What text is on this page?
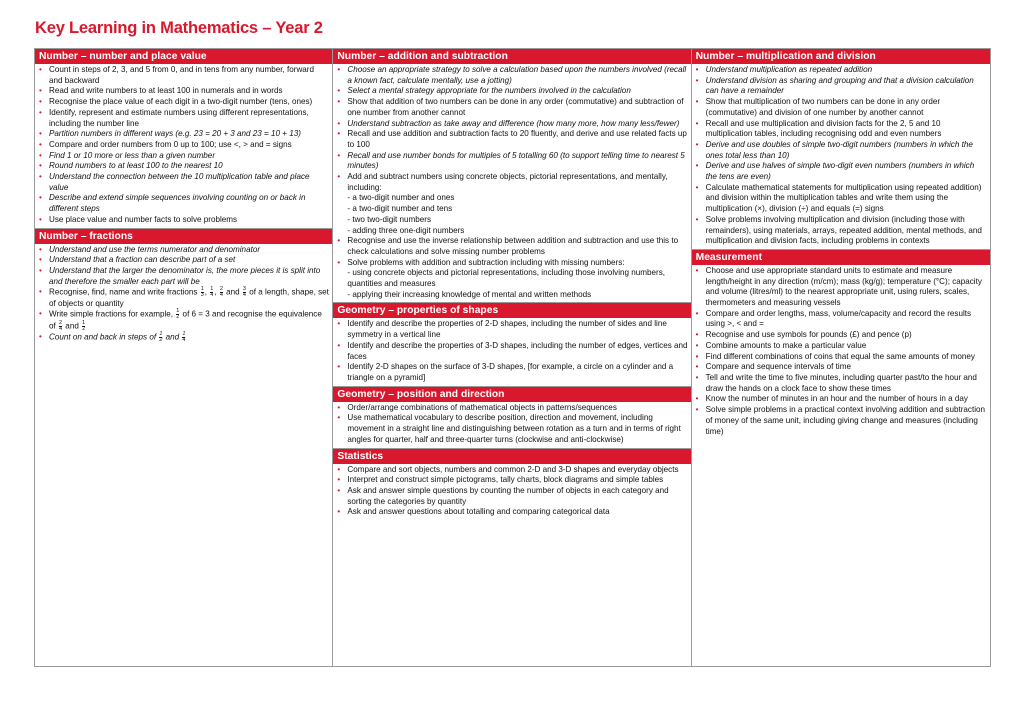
Key Learning in Mathematics – Year 2
Number – number and place value
• Count in steps of 2, 3, and 5 from 0, and in tens from any number, forward and backward
• Read and write numbers to at least 100 in numerals and in words
• Recognise the place value of each digit in a two-digit number (tens, ones)
• Identify, represent and estimate numbers using different representations, including the number line
• Partition numbers in different ways (e.g. 23 = 20 + 3 and 23 = 10 + 13)
• Compare and order numbers from 0 up to 100; use <, > and = signs
• Find 1 or 10 more or less than a given number
• Round numbers to at least 100 to the nearest 10
• Understand the connection between the 10 multiplication table and place value
• Describe and extend simple sequences involving counting on or back in different steps
• Use place value and number facts to solve problems
Number – fractions
• Understand and use the terms numerator and denominator
• Understand that a fraction can describe part of a set
• Understand that the larger the denominator is, the more pieces it is split into and therefore the smaller each part will be
• Recognise, find, name and write fractions $\frac{1}{3}$ , $\frac{1}{4}$ , $\frac{2}{4}$ and $\frac{3}{4}$ of a length, shape, set of objects or quantity
• Write simple fractions for example, $\frac{1}{2}$ of 6 = 3 and recognise the equivalence of $\frac{2}{4}$ and $\frac{1}{2}$
• Count on and back in steps of $\frac{1}{2}$ and $\frac{1}{4}$
Number – addition and subtraction
• Choose an appropriate strategy to solve a calculation based upon the numbers involved (recall a known fact, calculate mentally, use a jotting)
• Select a mental strategy appropriate for the numbers involved in the calculation
• Show that addition of two numbers can be done in any order (commutative) and subtraction of one number from another cannot
• Understand subtraction as take away and difference (how many more, how many less/fewer)
• Recall and use addition and subtraction facts to 20 fluently, and derive and use related facts up to 100
• Recall and use number bonds for multiples of 5 totalling 60 (to support telling time to nearest 5 minutes)
• Add and subtract numbers using concrete objects, pictorial representations, and mentally, including:
- a two-digit number and ones
- a two-digit number and tens
- two two-digit numbers
- adding three one-digit numbers
• Recognise and use the inverse relationship between addition and subtraction and use this to check calculations and solve missing number problems
• Solve problems with addition and subtraction including with missing numbers:
- using concrete objects and pictorial representations, including those involving numbers, quantities and measures
- applying their increasing knowledge of mental and written methods
Geometry – properties of shapes
• Identify and describe the properties of 2-D shapes, including the number of sides and line symmetry in a vertical line
• Identify and describe the properties of 3-D shapes, including the number of edges, vertices and faces
• Identify 2-D shapes on the surface of 3-D shapes, [for example, a circle on a cylinder and a triangle on a pyramid]
Geometry – position and direction
• Order/arrange combinations of mathematical objects in patterns/sequences
• Use mathematical vocabulary to describe position, direction and movement, including movement in a straight line and distinguishing between rotation as a turn and in terms of right angles for quarter, half and three-quarter turns (clockwise and anti-clockwise)
Statistics
• Compare and sort objects, numbers and common 2-D and 3-D shapes and everyday objects
• Interpret and construct simple pictograms, tally charts, block diagrams and simple tables
• Ask and answer simple questions by counting the number of objects in each category and sorting the categories by quantity
• Ask and answer questions about totalling and comparing categorical data
Number – multiplication and division
• Understand multiplication as repeated addition
• Understand division as sharing and grouping and that a division calculation can have a remainder
• Show that multiplication of two numbers can be done in any order (commutative) and division of one number by another cannot
• Recall and use multiplication and division facts for the 2, 5 and 10 multiplication tables, including recognising odd and even numbers
• Derive and use doubles of simple two-digit numbers (numbers in which the ones total less than 10)
• Derive and use halves of simple two-digit even numbers (numbers in which the tens are even)
• Calculate mathematical statements for multiplication using repeated addition) and division within the multiplication tables and write them using the multiplication (×), division (÷) and equals (=) signs
• Solve problems involving multiplication and division (including those with remainders), using materials, arrays, repeated addition, mental methods, and multiplication and division facts, including problems in contexts
Measurement
• Choose and use appropriate standard units to estimate and measure length/height in any direction (m/cm); mass (kg/g); temperature (°C); capacity and volume (litres/ml) to the nearest appropriate unit, using rulers, scales, thermometers and measuring vessels
• Compare and order lengths, mass, volume/capacity and record the results using >, < and =
• Recognise and use symbols for pounds (£) and pence (p)
• Combine amounts to make a particular value
• Find different combinations of coins that equal the same amounts of money
• Compare and sequence intervals of time
• Tell and write the time to five minutes, including quarter past/to the hour and draw the hands on a clock face to show these times
• Know the number of minutes in an hour and the number of hours in a day
• Solve simple problems in a practical context involving addition and subtraction of money of the same unit, including giving change and measures (including time)
